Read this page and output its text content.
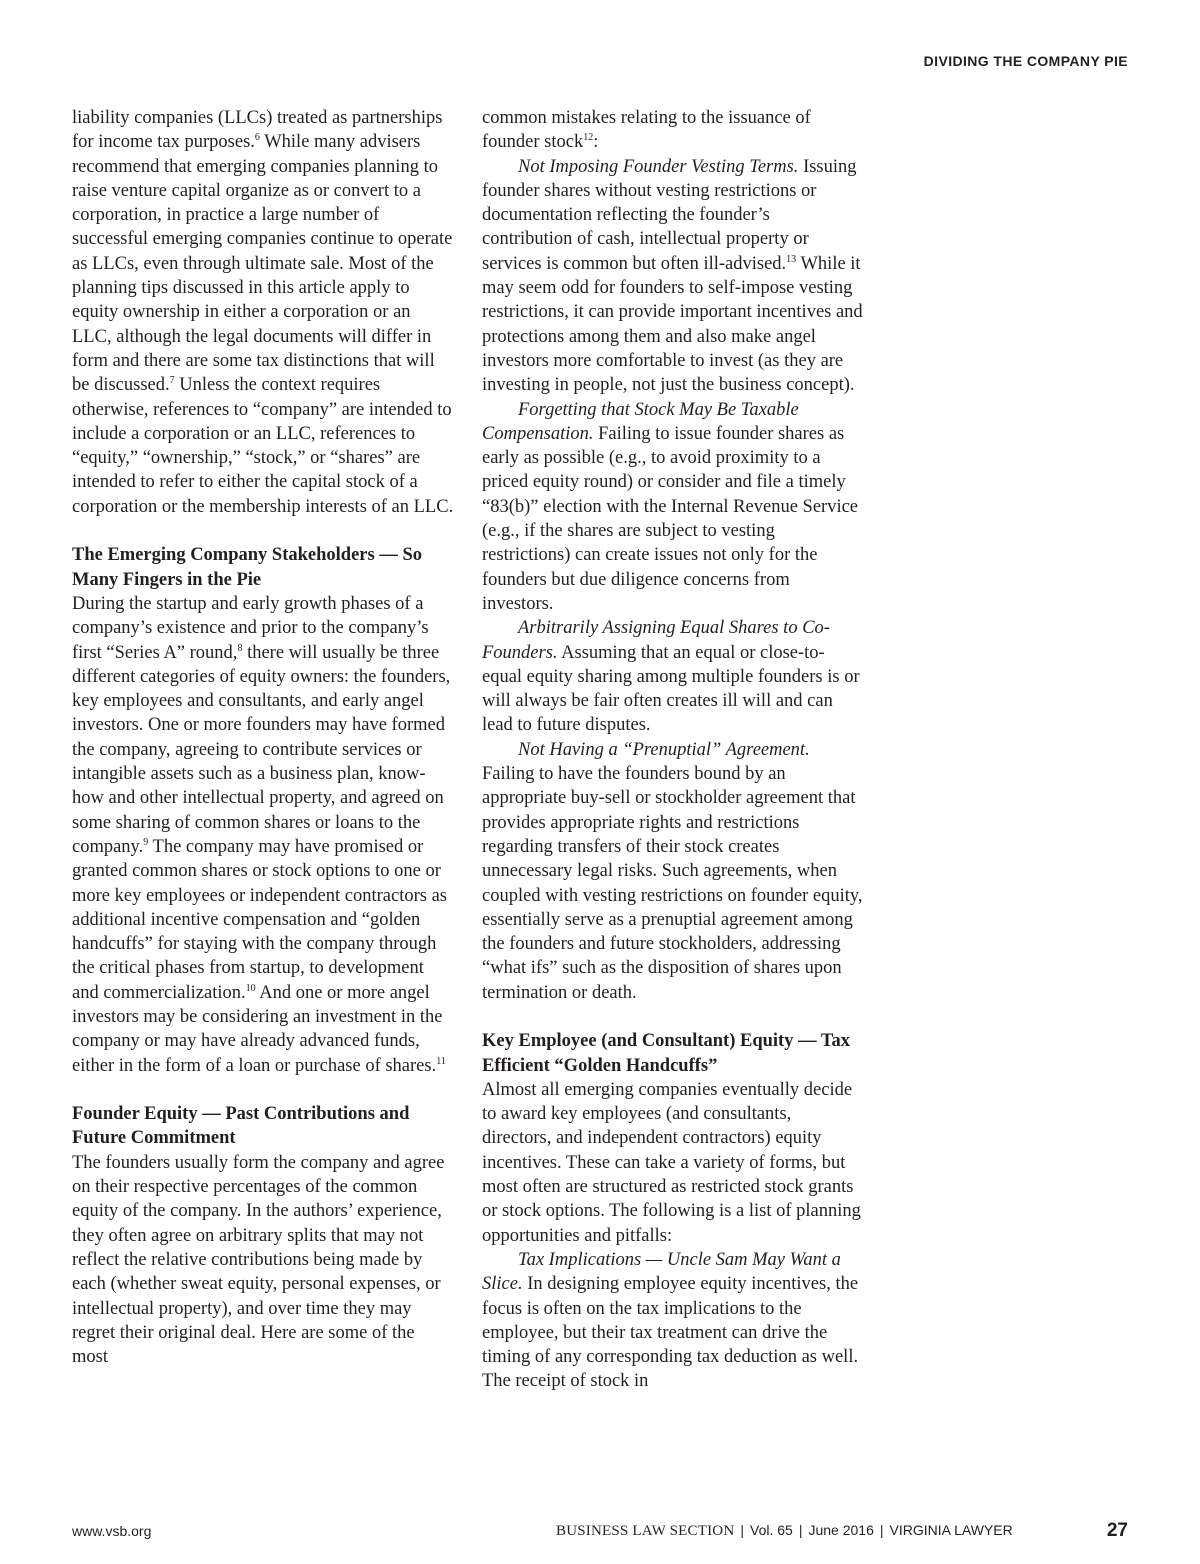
DIVIDING THE COMPANY PIE

liability companies (LLCs) treated as partnerships for income tax purposes.$^6$ While many advisers recommend that emerging companies planning to raise venture capital organize as or convert to a corporation, in practice a large number of successful emerging companies continue to operate as LLCs, even through ultimate sale. Most of the planning tips discussed in this article apply to equity ownership in either a corporation or an LLC, although the legal documents will differ in form and there are some tax distinctions that will be discussed.$^7$ Unless the context requires otherwise, references to “company” are intended to include a corporation or an LLC, references to “equity,” “ownership,” “stock,” or “shares” are intended to refer to either the capital stock of a corporation or the membership interests of an LLC.

The Emerging Company Stakeholders — So Many Fingers in the Pie

During the startup and early growth phases of a company’s existence and prior to the company’s first “Series A” round,$^8$ there will usually be three different categories of equity owners: the founders, key employees and consultants, and early angel investors. One or more founders may have formed the company, agreeing to contribute services or intangible assets such as a business plan, know-how and other intellectual property, and agreed on some sharing of common shares or loans to the company.$^9$ The company may have promised or granted common shares or stock options to one or more key employees or independent contractors as additional incentive compensation and “golden handcuffs” for staying with the company through the critical phases from startup, to development and commercialization.$^{10}$ And one or more angel investors may be considering an investment in the company or may have already advanced funds, either in the form of a loan or purchase of shares.$^{11}$

Founder Equity — Past Contributions and Future Commitment

The founders usually form the company and agree on their respective percentages of the common equity of the company. In the authors’ experience, they often agree on arbitrary splits that may not reflect the relative contributions being made by each (whether sweat equity, personal expenses, or intellectual property), and over time they may regret their original deal. Here are some of the most

common mistakes relating to the issuance of founder stock$^{12}$:

Not Imposing Founder Vesting Terms. Issuing founder shares without vesting restrictions or documentation reflecting the founder’s contribution of cash, intellectual property or services is common but often ill-advised.$^{13}$ While it may seem odd for founders to self-impose vesting restrictions, it can provide important incentives and protections among them and also make angel investors more comfortable to invest (as they are investing in people, not just the business concept).

Forgetting that Stock May Be Taxable Compensation. Failing to issue founder shares as early as possible (e.g., to avoid proximity to a priced equity round) or consider and file a timely “83(b)” election with the Internal Revenue Service (e.g., if the shares are subject to vesting restrictions) can create issues not only for the founders but due diligence concerns from investors.

Arbitrarily Assigning Equal Shares to Co-Founders. Assuming that an equal or close-to-equal equity sharing among multiple founders is or will always be fair often creates ill will and can lead to future disputes.

Not Having a “Prenuptial” Agreement. Failing to have the founders bound by an appropriate buy-sell or stockholder agreement that provides appropriate rights and restrictions regarding transfers of their stock creates unnecessary legal risks. Such agreements, when coupled with vesting restrictions on founder equity, essentially serve as a prenuptial agreement among the founders and future stockholders, addressing “what ifs” such as the disposition of shares upon termination or death.

Key Employee (and Consultant) Equity — Tax Efficient “Golden Handcuffs”

Almost all emerging companies eventually decide to award key employees (and consultants, directors, and independent contractors) equity incentives. These can take a variety of forms, but most often are structured as restricted stock grants or stock options. The following is a list of planning opportunities and pitfalls:

Tax Implications — Uncle Sam May Want a Slice. In designing employee equity incentives, the focus is often on the tax implications to the employee, but their tax treatment can drive the timing of any corresponding tax deduction as well. The receipt of stock in

www.vsb.org	BUSINESS LAW SECTION | Vol. 65 | June 2016 | VIRGINIA LAWYER	27
